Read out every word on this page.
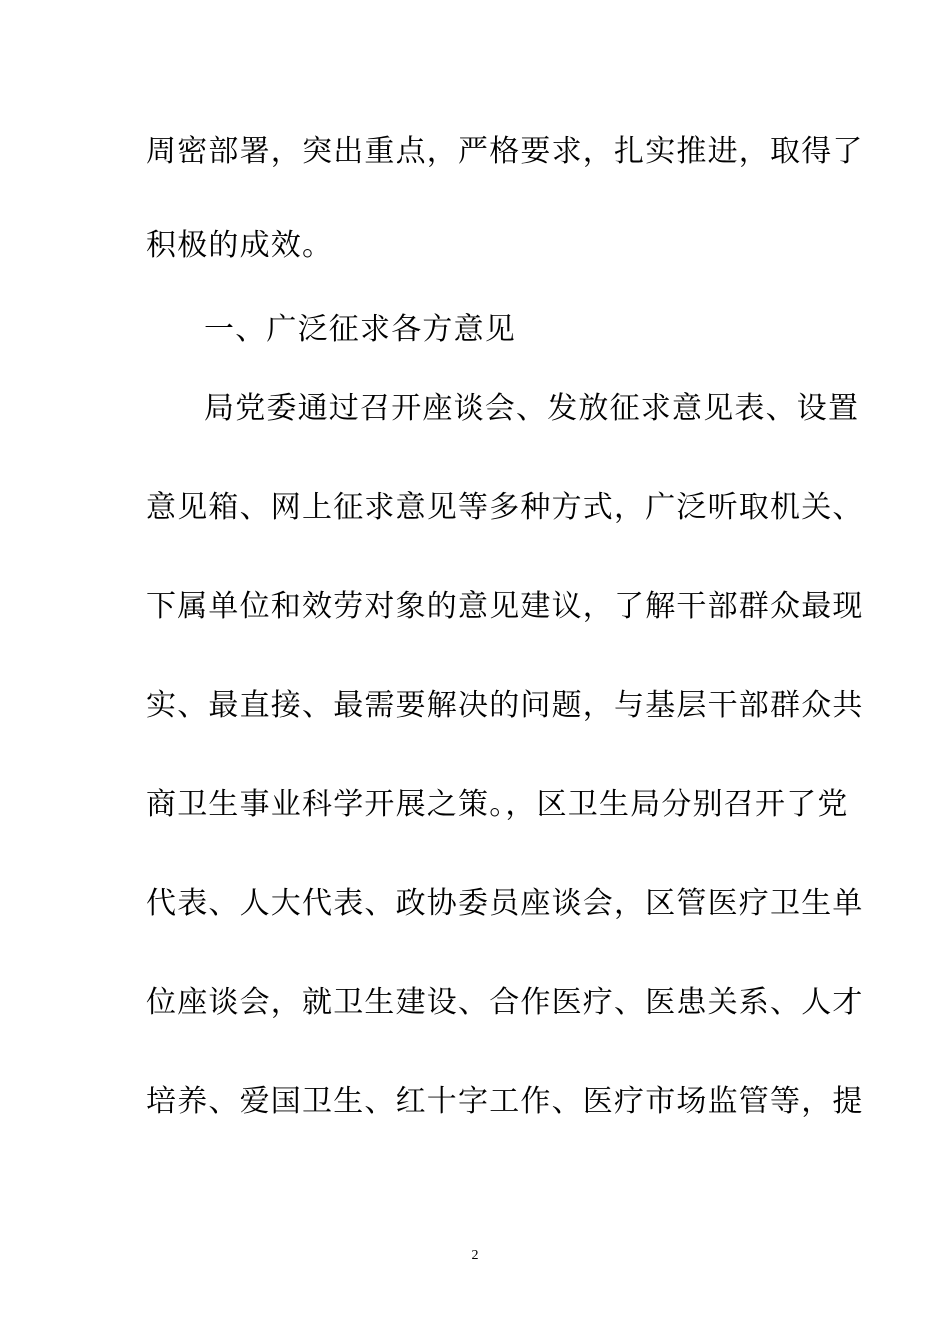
周密部署，突出重点，严格要求，扎实推进，取得了
积极的成效。
一、广泛征求各方意见
局党委通过召开座谈会、发放征求意见表、设置
意见箱、网上征求意见等多种方式，广泛听取机关、
下属单位和效劳对象的意见建议，了解干部群众最现
实、最直接、最需要解决的问题，与基层干部群众共
商卫生事业科学开展之策。，区卫生局分别召开了党
代表、人大代表、政协委员座谈会，区管医疗卫生单
位座谈会，就卫生建设、合作医疗、医患关系、人才
培养、爱国卫生、红十字工作、医疗市场监管等，提
2
